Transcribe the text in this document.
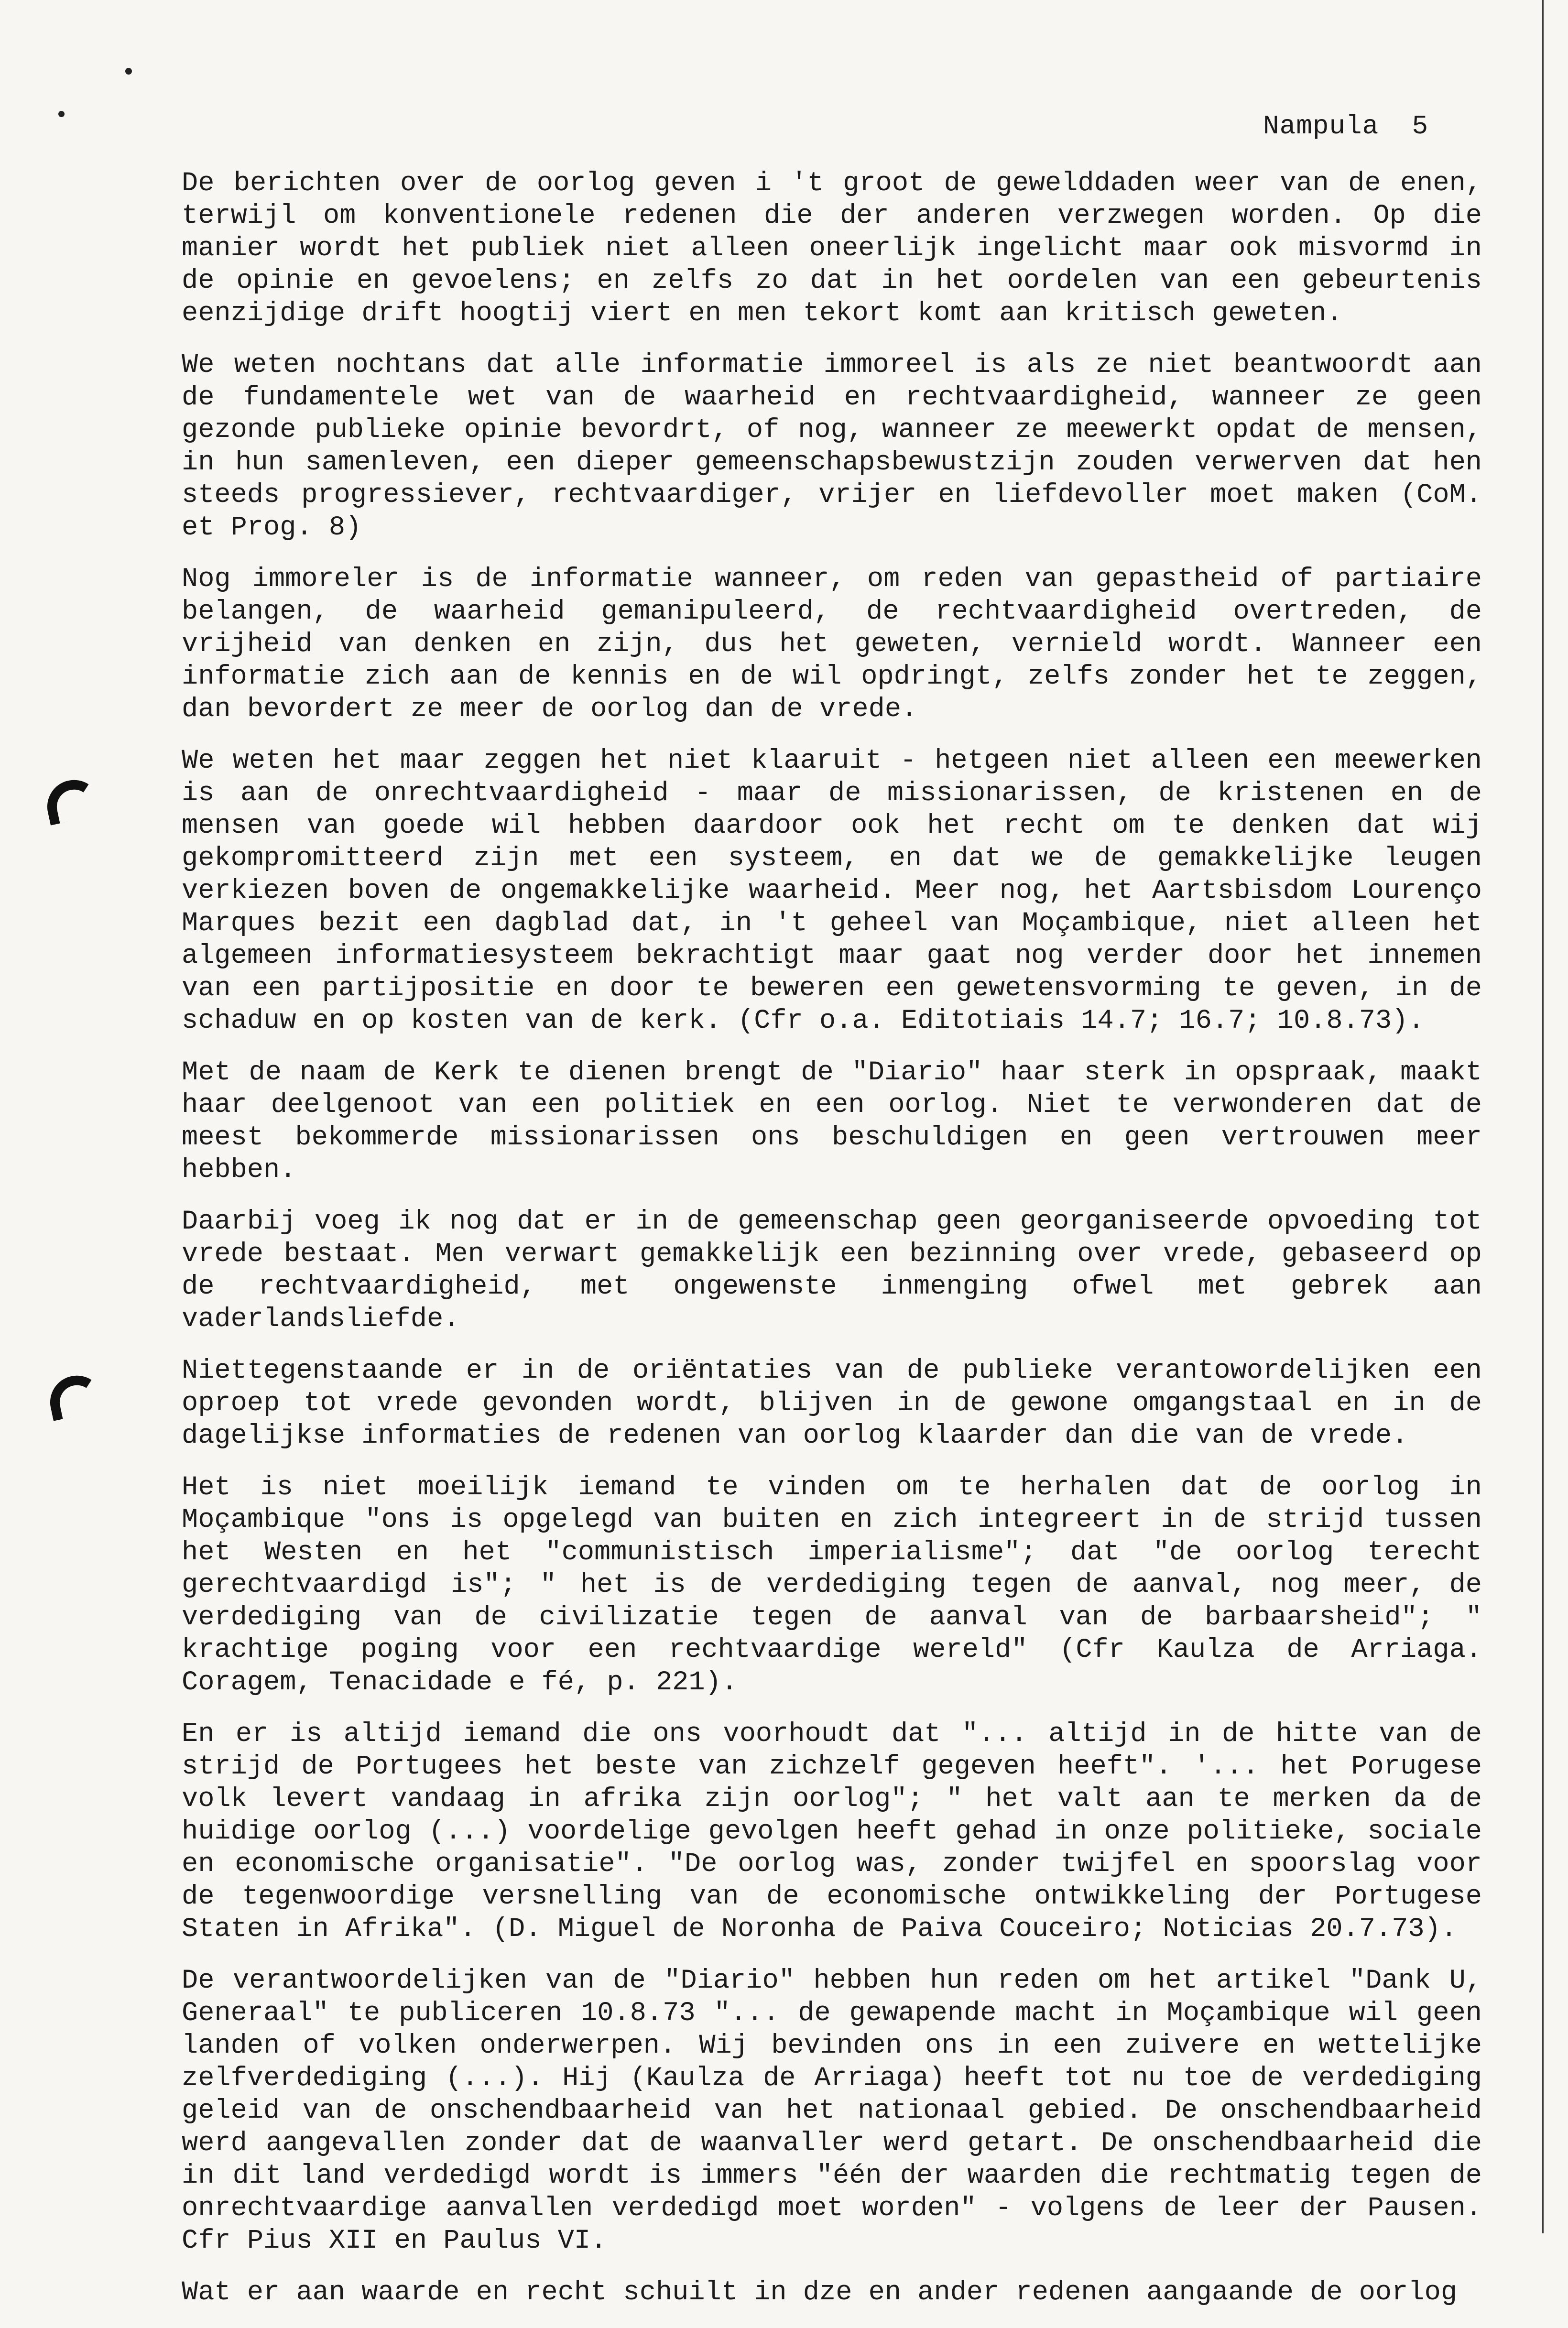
Nampula 5

De berichten over de oorlog geven i 't groot de gewelddaden weer van de enen, terwijl om konventionele redenen die der anderen verzwegen worden. Op die manier wordt het publiek niet alleen oneerlijk ingelicht maar ook misvormd in de opinie en gevoelens; en zelfs zo dat in het oordelen van een gebeurtenis eenzijdige drift hoogtij viert en men tekort komt aan kritisch geweten.

We weten nochtans dat alle informatie immoreel is als ze niet beantwoordt aan de fundamentele wet van de waarheid en rechtvaardigheid, wanneer ze geen gezonde publieke opinie bevordrt, of nog, wanneer ze meewerkt opdat de mensen, in hun samenleven, een dieper gemeenschapsbewustzijn zouden verwerven dat hen steeds progressiever, rechtvaardiger, vrijer en liefdevoller moet maken (CoM. et Prog. 8)

Nog immoreler is de informatie wanneer, om reden van gepastheid of partiaire belangen, de waarheid gemanipuleerd, de rechtvaardigheid overtreden, de vrijheid van denken en zijn, dus het geweten, vernield wordt. Wanneer een informatie zich aan de kennis en de wil opdringt, zelfs zonder het te zeggen, dan bevordert ze meer de oorlog dan de vrede.

We weten het maar zeggen het niet klaaruit - hetgeen niet alleen een meewerken is aan de onrechtvaardigheid - maar de missionarissen, de kristenen en de mensen van goede wil hebben daardoor ook het recht om te denken dat wij gekompromitteerd zijn met een systeem, en dat we de gemakkelijke leugen verkiezen boven de ongemakkelijke waarheid. Meer nog, het Aartsbisdom Lourenço Marques bezit een dagblad dat, in 't geheel van Moçambique, niet alleen het algemeen informatiesysteem bekrachtigt maar gaat nog verder door het innemen van een partijpositie en door te beweren een gewetensvorming te geven, in de schaduw en op kosten van de kerk. (Cfr o.a. Editotiais 14.7; 16.7; 10.8.73).

Met de naam de Kerk te dienen brengt de "Diario" haar sterk in opspraak, maakt haar deelgenoot van een politiek en een oorlog. Niet te verwonderen dat de meest bekommerde missionarissen ons beschuldigen en geen vertrouwen meer hebben.

Daarbij voeg ik nog dat er in de gemeenschap geen georganiseerde opvoeding tot vrede bestaat. Men verwart gemakkelijk een bezinning over vrede, gebaseerd op de rechtvaardigheid, met ongewenste inmenging ofwel met gebrek aan vaderlandsliefde.

Niettegenstaande er in de oriëntaties van de publieke verantowordelijken een oproep tot vrede gevonden wordt, blijven in de gewone omgangstaal en in de dagelijkse informaties de redenen van oorlog klaarder dan die van de vrede.

Het is niet moeilijk iemand te vinden om te herhalen dat de oorlog in Moçambique "ons is opgelegd van buiten en zich integreert in de strijd tussen het Westen en het "communistisch imperialisme"; dat "de oorlog terecht gerechtvaardigd is"; " het is de verdediging tegen de aanval, nog meer, de verdediging van de civilizatie tegen de aanval van de barbaarsheid"; " krachtige poging voor een rechtvaardige wereld" (Cfr Kaulza de Arriaga. Coragem, Tenacidade e fé, p. 221).

En er is altijd iemand die ons voorhoudt dat "... altijd in de hitte van de strijd de Portugees het beste van zichzelf gegeven heeft". '... het Porugese volk levert vandaag in afrika zijn oorlog"; " het valt aan te merken da de huidige oorlog (...) voordelige gevolgen heeft gehad in onze politieke, sociale en economische organisatie". "De oorlog was, zonder twijfel en spoorslag voor de tegenwoordige versnelling van de economische ontwikkeling der Portugese Staten in Afrika". (D. Miguel de Noronha de Paiva Couceiro; Noticias 20.7.73).

De verantwoordelijken van de "Diario" hebben hun reden om het artikel "Dank U, Generaal" te publiceren 10.8.73 "... de gewapende macht in Moçambique wil geen landen of volken onderwerpen. Wij bevinden ons in een zuivere en wettelijke zelfverdediging (...). Hij (Kaulza de Arriaga) heeft tot nu toe de verdediging geleid van de onschendbaarheid van het nationaal gebied. De onschendbaarheid werd aangevallen zonder dat de waanvaller werd getart. De onschendbaarheid die in dit land verdedigd wordt is immers "één der waarden die rechtmatig tegen de onrechtvaardige aanvallen verdedigd moet worden" - volgens de leer der Pausen. Cfr Pius XII en Paulus VI.

Wat er aan waarde en recht schuilt in dze en ander redenen aangaande de oorlog
